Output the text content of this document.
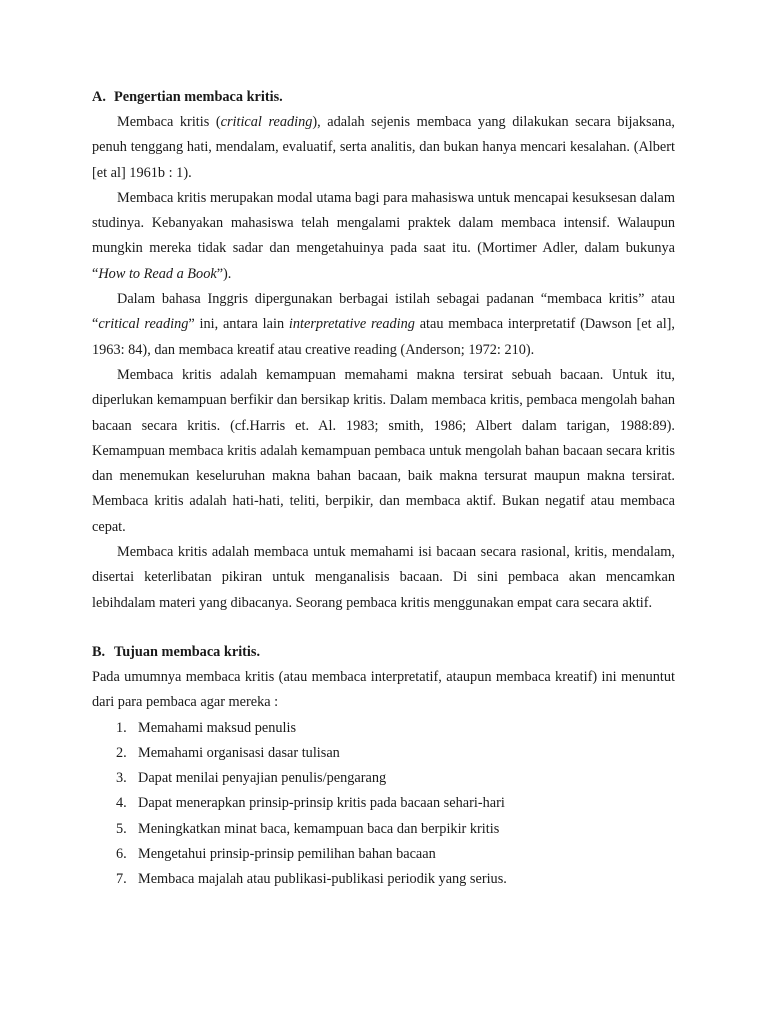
A. Pengertian membaca kritis.

Membaca kritis (critical reading), adalah sejenis membaca yang dilakukan secara bijaksana, penuh tenggang hati, mendalam, evaluatif, serta analitis, dan bukan hanya mencari kesalahan. (Albert [et al] 1961b : 1).

Membaca kritis merupakan modal utama bagi para mahasiswa untuk mencapai kesuksesan dalam studinya. Kebanyakan mahasiswa telah mengalami praktek dalam membaca intensif. Walaupun mungkin mereka tidak sadar dan mengetahuinya pada saat itu. (Mortimer Adler, dalam bukunya “How to Read a Book”).

Dalam bahasa Inggris dipergunakan berbagai istilah sebagai padanan “membaca kritis” atau “critical reading” ini, antara lain interpretative reading atau membaca interpretatif (Dawson [et al], 1963: 84), dan membaca kreatif atau creative reading (Anderson; 1972: 210).

Membaca kritis adalah kemampuan memahami makna tersirat sebuah bacaan. Untuk itu, diperlukan kemampuan berfikir dan bersikap kritis. Dalam membaca kritis, pembaca mengolah bahan bacaan secara kritis. (cf.Harris et. Al. 1983; smith, 1986; Albert dalam tarigan, 1988:89). Kemampuan membaca kritis adalah kemampuan pembaca untuk mengolah bahan bacaan secara kritis dan menemukan keseluruhan makna bahan bacaan, baik makna tersurat maupun makna tersirat. Membaca kritis adalah hati-hati, teliti, berpikir, dan membaca aktif. Bukan negatif atau membaca cepat.

Membaca kritis adalah membaca untuk memahami isi bacaan secara rasional, kritis, mendalam, disertai keterlibatan pikiran untuk menganalisis bacaan. Di sini pembaca akan mencamkan lebihdalam materi yang dibacanya. Seorang pembaca kritis menggunakan empat cara secara aktif.

B. Tujuan membaca kritis.

Pada umumnya membaca kritis (atau membaca interpretatif, ataupun membaca kreatif) ini menuntut dari para pembaca agar mereka :

1. Memahami maksud penulis
2. Memahami organisasi dasar tulisan
3. Dapat menilai penyajian penulis/pengarang
4. Dapat menerapkan prinsip-prinsip kritis pada bacaan sehari-hari
5. Meningkatkan minat baca, kemampuan baca dan berpikir kritis
6. Mengetahui prinsip-prinsip pemilihan bahan bacaan
7. Membaca majalah atau publikasi-publikasi periodik yang serius.
